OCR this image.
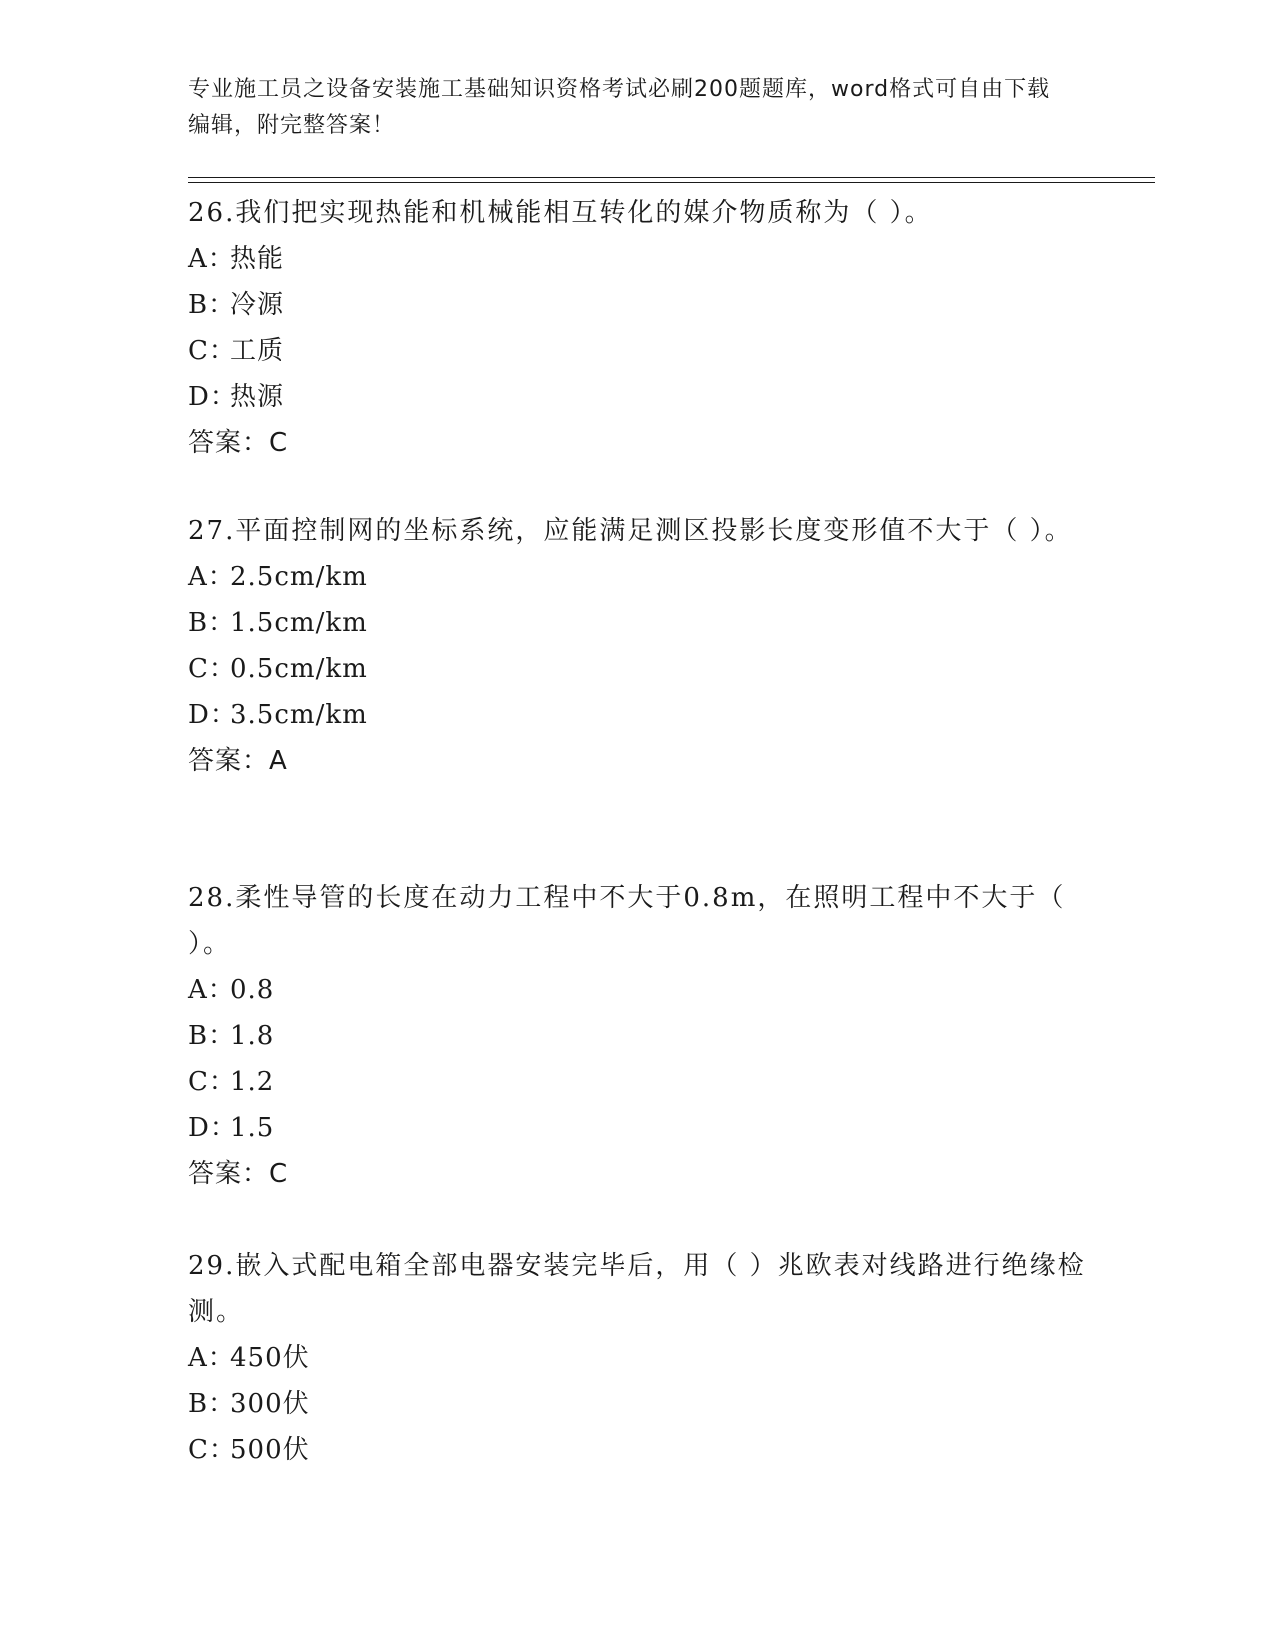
专业施工员之设备安装施工基础知识资格考试必刷200题题库，word格式可自由下载编辑，附完整答案！

26.我们把实现热能和机械能相互转化的媒介物质称为（ ）。

A：
热能
B：
冷源
C：
工质
D：
热源
答案：C

27.平面控制网的坐标系统，应能满足测区投影长度变形值不大于（ ）。

A：
2.5cm/km
B：
1.5cm/km
C：
0.5cm/km
D：
3.5cm/km
答案：A

28.柔性导管的长度在动力工程中不大于0.8m，在照明工程中不大于（ ）。

A：
0.8
B：
1.8
C：
1.2
D：
1.5
答案：C

29.嵌入式配电箱全部电器安装完毕后，用（ ）兆欧表对线路进行绝缘检测。

A：
450伏
B：
300伏
C：
500伏
